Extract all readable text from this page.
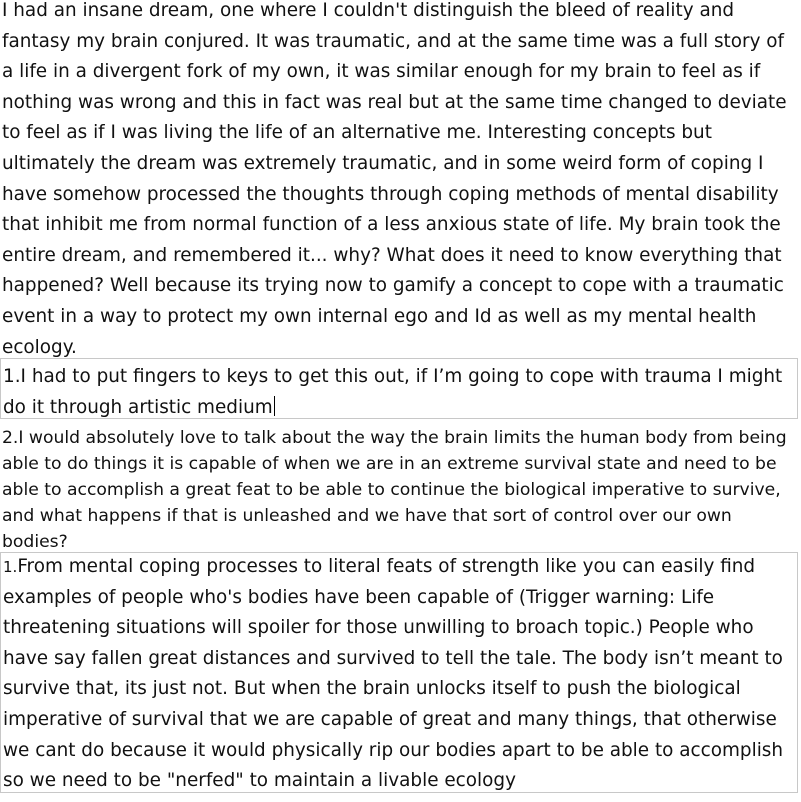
I had an insane dream, one where I couldn't distinguish the bleed of reality and fantasy my brain conjured. It was traumatic, and at the same time was a full story of a life in a divergent fork of my own, it was similar enough for my brain to feel as if nothing was wrong and this in fact was real but at the same time changed to deviate to feel as if I was living the life of an alternative me. Interesting concepts but ultimately the dream was extremely traumatic, and in some weird form of coping I have somehow processed the thoughts through coping methods of mental disability that inhibit me from normal function of a less anxious state of life. My brain took the entire dream, and remembered it... why? What does it need to know everything that happened? Well because its trying now to gamify a concept to cope with a traumatic event in a way to protect my own internal ego and Id as well as my mental health ecology.

1.I had to put fingers to keys to get this out, if I’m going to cope with trauma I might do it through artistic medium

2.I would absolutely love to talk about the way the brain limits the human body from being able to do things it is capable of when we are in an extreme survival state and need to be able to accomplish a great feat to be able to continue the biological imperative to survive, and what happens if that is unleashed and we have that sort of control over our own bodies?

1.From mental coping processes to literal feats of strength like you can easily find examples of people who's bodies have been capable of (Trigger warning: Life threatening situations will spoiler for those unwilling to broach topic.) People who have say fallen great distances and survived to tell the tale. The body isn’t meant to survive that, its just not. But when the brain unlocks itself to push the biological imperative of survival that we are capable of great and many things, that otherwise we cant do because it would physically rip our bodies apart to be able to accomplish so we need to be "nerfed" to maintain a livable ecology
